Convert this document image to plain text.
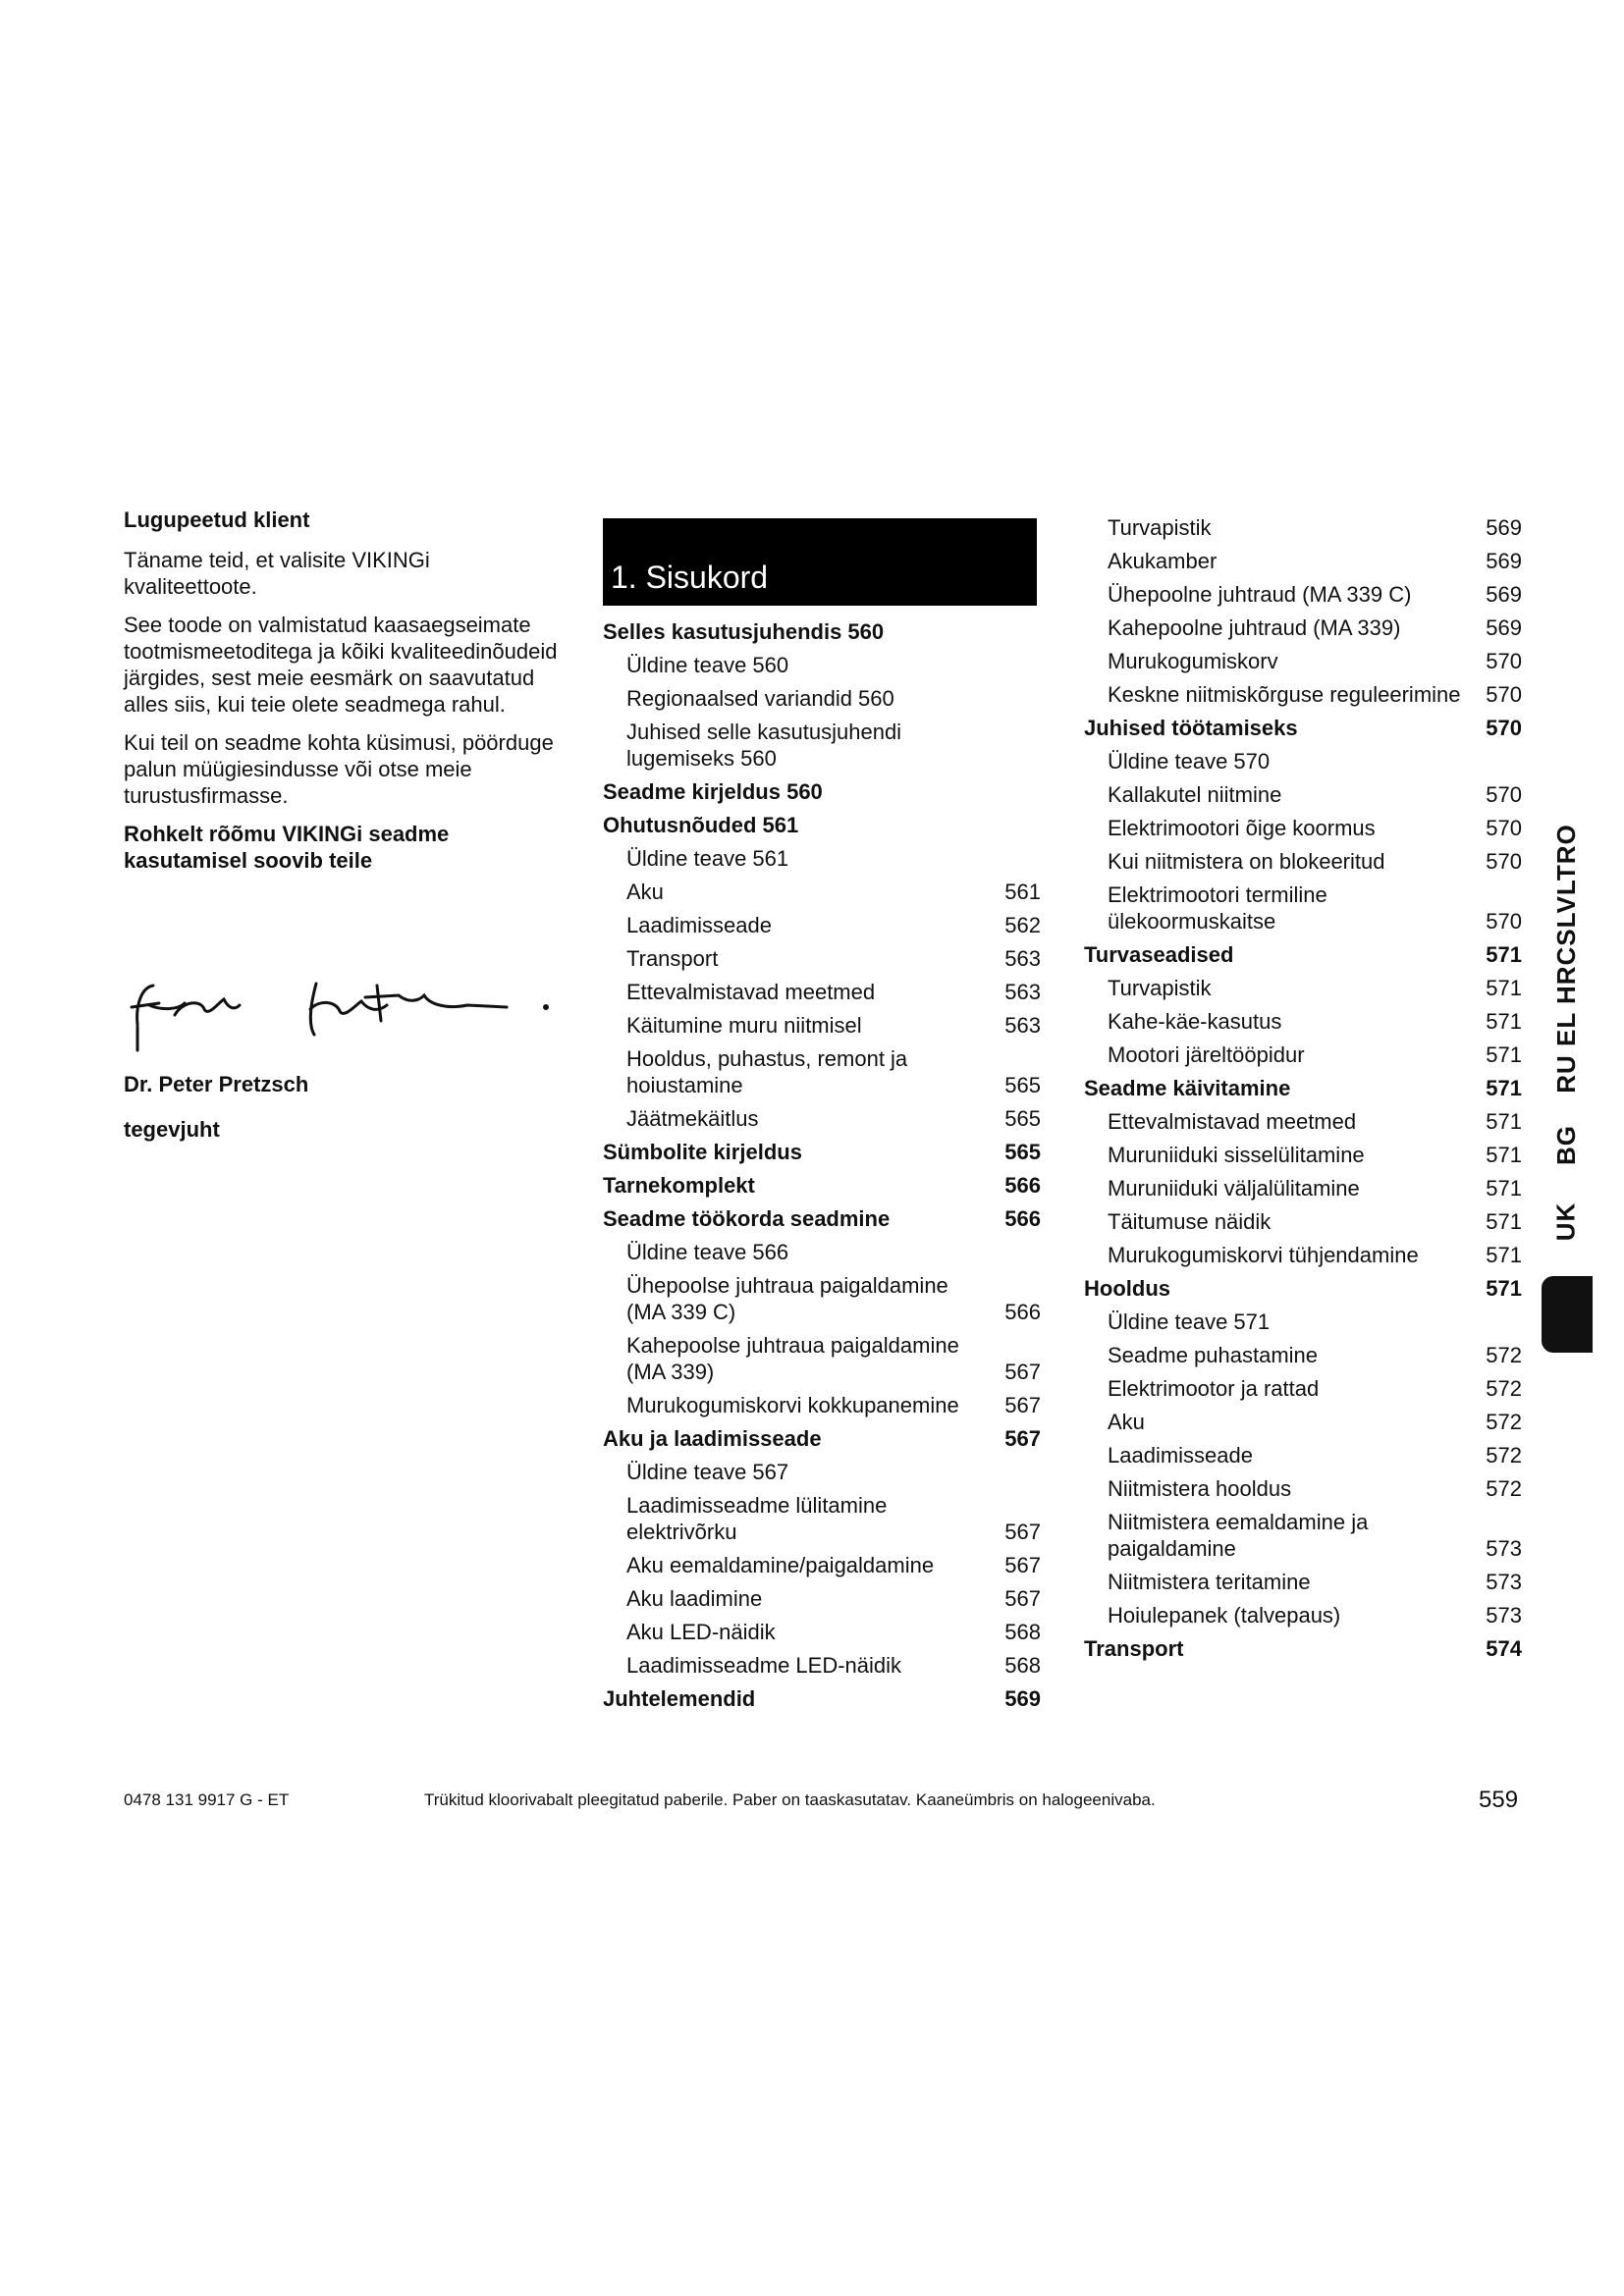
Lugupeetud klient

Täname teid, et valisite VIKINGi kvaliteettoote.

See toode on valmistatud kaasaegseimate tootmismeetoditega ja kõiki kvaliteedinõudeid järgides, sest meie eesmärk on saavutatud alles siis, kui teie olete seadmega rahul.

Kui teil on seadme kohta küsimusi, pöörduge palun müügiesindusse või otse meie turustusfirmasse.

Rohkelt rõõmu VIKINGi seadme kasutamisel soovib teile

Dr. Peter Pretzsch
tegevjuht
1. Sisukord
Selles kasutusjuhendis 560
Üldine teave 560
Regionaalsed variandid 560
Juhised selle kasutusjuhendi lugemiseks 560
Seadme kirjeldus 560
Ohutusnõuded 561
Üldine teave 561
Aku	561
Laadimisseade	562
Transport	563
Ettevalmistavad meetmed	563
Käitumine muru niitmisel	563
Hooldus, puhastus, remont ja hoiustamine	565
Jäätmekäitlus	565
Sümbolite kirjeldus	565
Tarnekomplekt	566
Seadme töökorda seadmine	566
Üldine teave 566
Ühepoolse juhtraua paigaldamine (MA 339 C)	566
Kahepoolse juhtraua paigaldamine (MA 339)	567
Murukogumiskorvi kokkupanemine	567
Aku ja laadimisseade	567
Üldine teave 567
Laadimisseadme lülitamine elektrivõrku	567
Aku eemaldamine/paigaldamine	567
Aku laadimine	567
Aku LED-näidik	568
Laadimisseadme LED-näidik	568
Juhtelemendid	569
Turvapistik	569
Akukamber	569
Ühepoolne juhtraud (MA 339 C)	569
Kahepoolne juhtraud (MA 339)	569
Murukogumiskorv	570
Keskne niitmiskõrguse reguleerimine	570
Juhised töötamiseks	570
Üldine teave 570
Kallakutel niitmine	570
Elektrimootori õige koormus	570
Kui niitmistera on blokeeritud	570
Elektrimootori termiline ülekoormuskaitse	570
Turvaseadised	571
Turvapistik	571
Kahe-käe-kasutus	571
Mootori järeltööpidur	571
Seadme käivitamine	571
Ettevalmistavad meetmed	571
Muruniiduki sisselülitamine	571
Muruniiduki väljalülitamine	571
Täitumuse näidik	571
Murukogumiskorvi tühjendamine	571
Hooldus	571
Üldine teave 571
Seadme puhastamine	572
Elektrimootor ja rattad	572
Aku	572
Laadimisseade	572
Niitmistera hooldus	572
Niitmistera eemaldamine ja paigaldamine	573
Niitmistera teritamine	573
Hoiulepanek (talvepaus)	573
Transport	574
RU EL HRCSLVLTRO
BG
UK
0478 131 9917 G - ET	Trükitud kloorivabalt pleegitatud paberile. Paber on taaskasutatav. Kaaneümbris on halogeenivaba.	559
